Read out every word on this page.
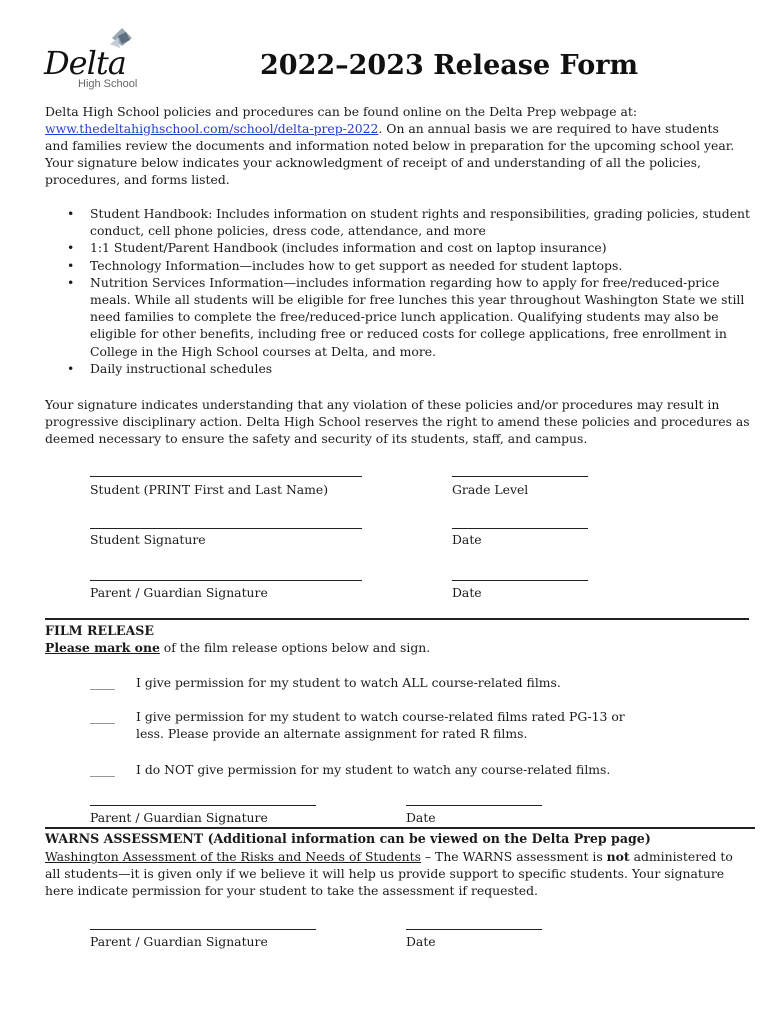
Delta
High School
2022–2023 Release Form

Delta High School policies and procedures can be found online on the Delta Prep webpage at:
www.thedeltahighschool.com/school/delta-prep-2022. On an annual basis we are required to have students and families review the documents and information noted below in preparation for the upcoming school year. Your signature below indicates your acknowledgment of receipt of and understanding of all the policies, procedures, and forms listed.

• Student Handbook: Includes information on student rights and responsibilities, grading policies, student conduct, cell phone policies, dress code, attendance, and more
• 1:1 Student/Parent Handbook (includes information and cost on laptop insurance)
• Technology Information—includes how to get support as needed for student laptops.
• Nutrition Services Information—includes information regarding how to apply for free/reduced-price meals. While all students will be eligible for free lunches this year throughout Washington State we still need families to complete the free/reduced-price lunch application. Qualifying students may also be eligible for other benefits, including free or reduced costs for college applications, free enrollment in College in the High School courses at Delta, and more.
• Daily instructional schedules

Your signature indicates understanding that any violation of these policies and/or procedures may result in progressive disciplinary action. Delta High School reserves the right to amend these policies and procedures as deemed necessary to ensure the safety and security of its students, staff, and campus.

Student (PRINT First and Last Name)	Grade Level
Student Signature	Date
Parent / Guardian Signature	Date
FILM RELEASE
Please mark one of the film release options below and sign.
____ I give permission for my student to watch ALL course-related films.
____ I give permission for my student to watch course-related films rated PG-13 or less. Please provide an alternate assignment for rated R films.
____ I do NOT give permission for my student to watch any course-related films.
Parent / Guardian Signature	Date
WARNS ASSESSMENT (Additional information can be viewed on the Delta Prep page)

Washington Assessment of the Risks and Needs of Students – The WARNS assessment is not administered to all students—it is given only if we believe it will help us provide support to specific students. Your signature here indicate permission for your student to take the assessment if requested.

Parent / Guardian Signature	Date
